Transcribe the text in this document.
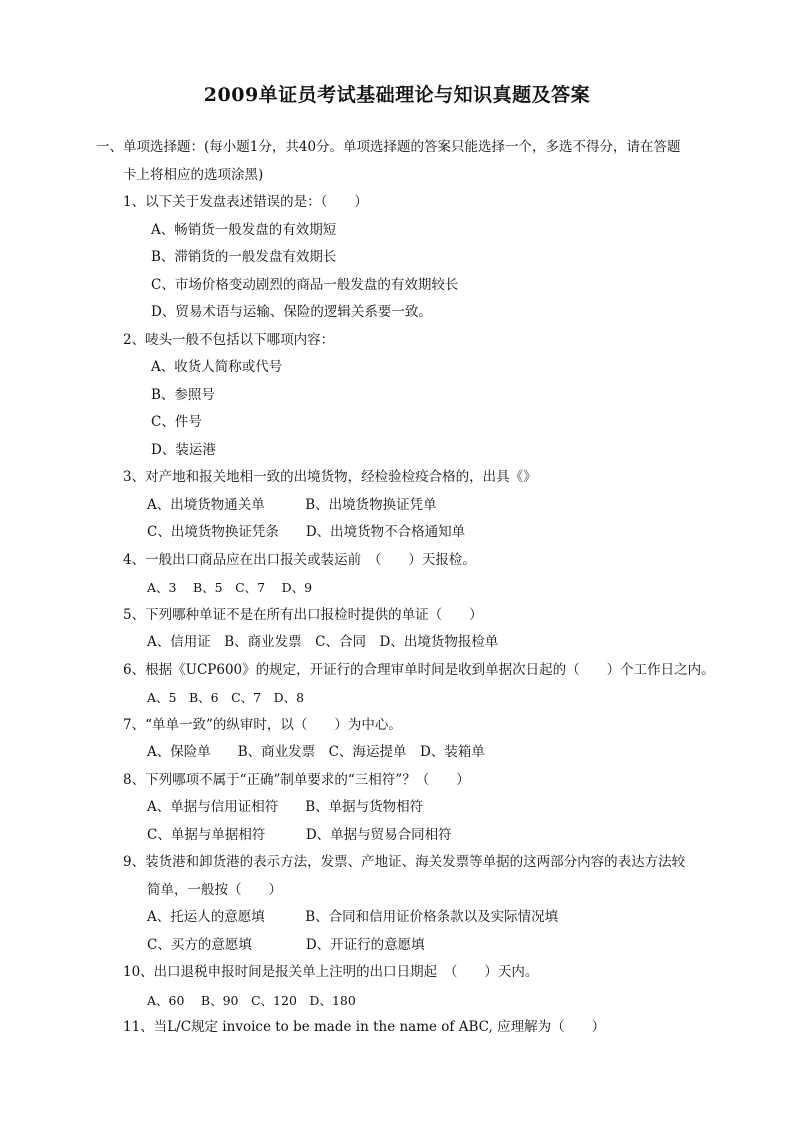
2009单证员考试基础理论与知识真题及答案
一、单项选择题：(每小题1分，共40分。单项选择题的答案只能选择一个，多选不得分，请在答题
卡上将相应的选项涂黑)
1、以下关于发盘表述错误的是：（　　）
A、畅销货一般发盘的有效期短
B、滞销货的一般发盘有效期长
C、市场价格变动剧烈的商品一般发盘的有效期较长
D、贸易术语与运输、保险的逻辑关系要一致。
2、唛头一般不包括以下哪项内容：
A、收货人简称或代号
B、参照号
C、件号
D、装运港
3、对产地和报关地相一致的出境货物，经检验检疫合格的，出具《》
A、出境货物通关单　　　B、出境货物换证凭单
C、出境货物换证凭条　　D、出境货物不合格通知单
4、一般出口商品应在出口报关或装运前　（　　）天报检。
A、3　 B、5　C、7　 D、9
5、下列哪种单证不是在所有出口报检时提供的单证（　　）
A、信用证　B、商业发票　C、合同　D、出境货物报检单
6、根据《UCP600》的规定，开证行的合理审单时间是收到单据次日起的（　　）个工作日之内。
A、5　B、6　C、7　D、8
7、“单单一致”的纵审时，以（　　）为中心。
A、保险单　　B、商业发票　C、海运提单　D、装箱单
8、下列哪项不属于“正确”制单要求的“三相符”？（　　）
A、单据与信用证相符　　B、单据与货物相符
C、单据与单据相符　　　D、单据与贸易合同相符
9、装货港和卸货港的表示方法，发票、产地证、海关发票等单据的这两部分内容的表达方法较
简单，一般按（　　）
A、托运人的意愿填　　　B、合同和信用证价格条款以及实际情况填
C、买方的意愿填　　　　D、开证行的意愿填
10、出口退税申报时间是报关单上注明的出口日期起　（　　）天内。
A、60　 B、90　C、120　D、180
11、当L/C规定 invoice to be made in the name of ABC, 应理解为（　　）
